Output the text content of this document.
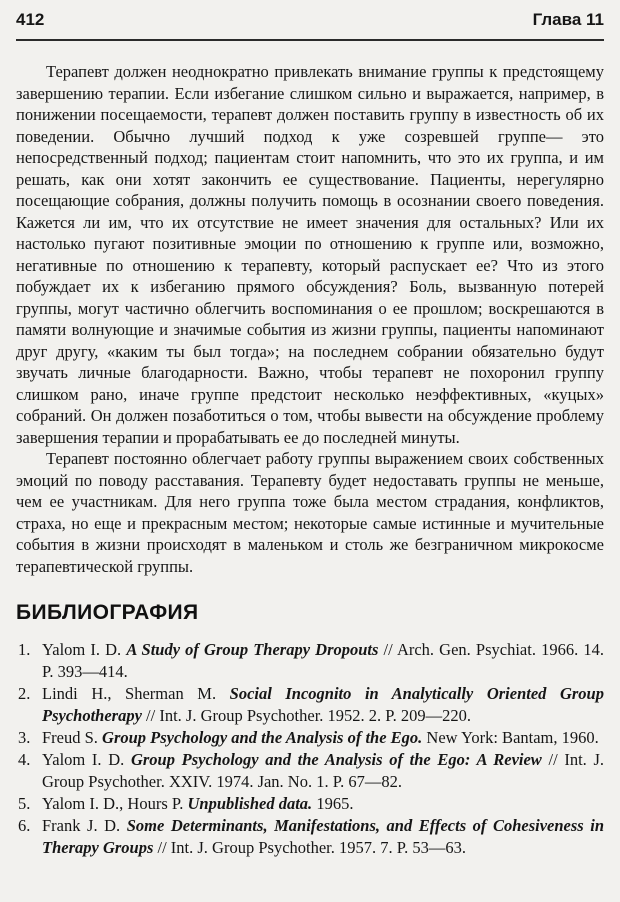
412	Глава 11

Терапевт должен неоднократно привлекать внимание группы к предстоящему завершению терапии. Если избегание слишком сильно и выражается, например, в понижении посещаемости, терапевт должен поставить группу в известность об их поведении. Обычно лучший подход к уже созревшей группе— это непосредственный подход; пациентам стоит напомнить, что это их группа, и им решать, как они хотят закончить ее существование. Пациенты, нерегулярно посещающие собрания, должны получить помощь в осознании своего поведения. Кажется ли им, что их отсутствие не имеет значения для остальных? Или их настолько пугают позитивные эмоции по отношению к группе или, возможно, негативные по отношению к терапевту, который распускает ее? Что из этого побуждает их к избеганию прямого обсуждения? Боль, вызванную потерей группы, могут частично облегчить воспоминания о ее прошлом; воскрешаются в памяти волнующие и значимые события из жизни группы, пациенты напоминают друг другу, «каким ты был тогда»; на последнем собрании обязательно будут звучать личные благодарности. Важно, чтобы терапевт не похоронил группу слишком рано, иначе группе предстоит несколько неэффективных, «куцых» собраний. Он должен позаботиться о том, чтобы вывести на обсуждение проблему завершения терапии и прорабатывать ее до последней минуты.

Терапевт постоянно облегчает работу группы выражением своих собственных эмоций по поводу расставания. Терапевту будет недоставать группы не меньше, чем ее участникам. Для него группа тоже была местом страдания, конфликтов, страха, но еще и прекрасным местом; некоторые самые истинные и мучительные события в жизни происходят в маленьком и столь же безграничном микрокосме терапевтической группы.

БИБЛИОГРАФИЯ
1. Yalom I. D. A Study of Group Therapy Dropouts // Arch. Gen. Psychiat. 1966. 14. P. 393—414.
2. Lindi H., Sherman M. Social Incognito in Analytically Oriented Group Psychotherapy // Int. J. Group Psychother. 1952. 2. P. 209—220.
3. Freud S. Group Psychology and the Analysis of the Ego. New York: Bantam, 1960.
4. Yalom I. D. Group Psychology and the Analysis of the Ego: A Review // Int. J. Group Psychother. XXIV. 1974. Jan. No. 1. P. 67—82.
5. Yalom I. D., Hours P. Unpublished data. 1965.
6. Frank J. D. Some Determinants, Manifestations, and Effects of Cohesiveness in Therapy Groups // Int. J. Group Psychother. 1957. 7. P. 53—63.
